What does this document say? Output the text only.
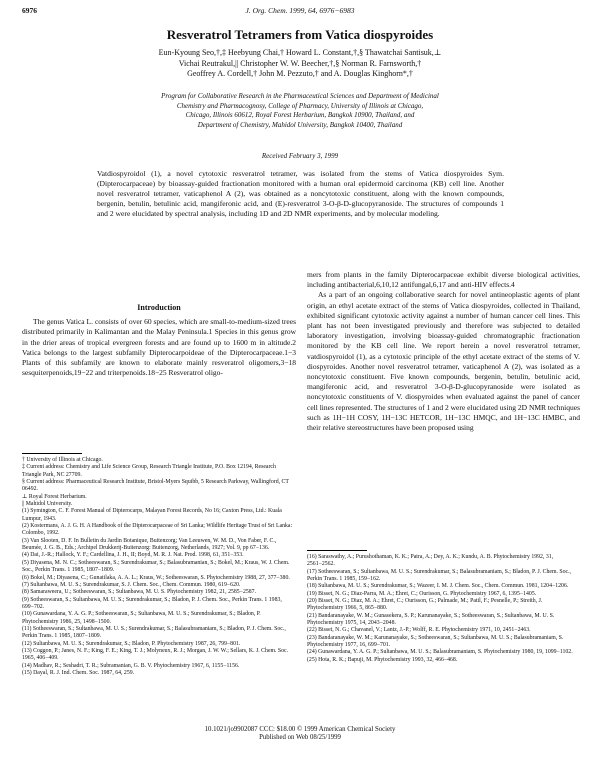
6976	J. Org. Chem. 1999, 64, 6976−6983
Resveratrol Tetramers from Vatica diospyroides
Eun-Kyoung Seo,†,‡ Heebyung Chai,† Howard L. Constant,†,§ Thawatchai Santisuk,⊥
Vichai Reutrakul,|| Christopher W. W. Beecher,†,§ Norman R. Farnsworth,†
Geoffrey A. Cordell,† John M. Pezzuto,† and A. Douglas Kinghorn*,†
Program for Collaborative Research in the Pharmaceutical Sciences and Department of Medicinal
Chemistry and Pharmacognosy, College of Pharmacy, University of Illinois at Chicago,
Chicago, Illinois 60612, Royal Forest Herbarium, Bangkok 10900, Thailand, and
Department of Chemistry, Mahidol University, Bangkok 10400, Thailand
Received February 3, 1999
Vatdiospyroidol (1), a novel cytotoxic resveratrol tetramer, was isolated from the stems of Vatica diospyroides Sym. (Dipterocarpaceae) by bioassay-guided fractionation monitored with a human oral epidermoid carcinoma (KB) cell line. Another novel resveratrol tetramer, vaticaphenol A (2), was obtained as a noncytotoxic constituent, along with the known compounds, bergenin, betulin, betulinic acid, mangiferonic acid, and (E)-resveratrol 3-O-β-D-glucopyranoside. The structures of compounds 1 and 2 were elucidated by spectral analysis, including 1D and 2D NMR experiments, and by molecular modeling.

Introduction

The genus Vatica L. consists of over 60 species, which are small-to-medium-sized trees distributed primarily in Kalimantan and the Malay Peninsula.1 Species in this genus grow in the drier areas of tropical evergreen forests and are found up to 1600 m in altitude.2 Vatica belongs to the largest subfamily Dipterocarpoideae of the Dipterocarpaceae.1−3 Plants of this subfamily are known to elaborate mainly resveratrol oligomers,3−18 sesquiterpenoids,19−22 and triterpenoids.18−25 Resveratrol oligo-

mers from plants in the family Dipterocarpaceae exhibit diverse biological activities, including antibacterial,6,10,12 antifungal,6,17 and anti-HIV effects.4

As a part of an ongoing collaborative search for novel antineoplastic agents of plant origin, an ethyl acetate extract of the stems of Vatica diospyroides, collected in Thailand, exhibited significant cytotoxic activity against a number of human cancer cell lines. This plant has not been investigated previously and therefore was subjected to detailed laboratory investigation, involving bioassay-guided chromatographic fractionation monitored by the KB cell line. We report herein a novel resveratrol tetramer, vatdiospyroidol (1), as a cytotoxic principle of the ethyl acetate extract of the stems of V. diospyroides. Another novel resveratrol tetramer, vaticaphenol A (2), was isolated as a noncytotoxic constituent. Five known compounds, bergenin, betulin, betulinic acid, mangiferonic acid, and resveratrol 3-O-β-D-glucopyranoside were isolated as noncytotoxic constituents of V. diospyroides when evaluated against the panel of cancer cell lines represented. The structures of 1 and 2 were elucidated using 2D NMR techniques such as 1H−1H COSY, 1H−13C HETCOR, 1H−13C HMQC, and 1H−13C HMBC, and their relative stereostructures have been proposed using

† University of Illinois at Chicago.
‡ Current address: Chemistry and Life Science Group, Research Triangle Institute, P.O. Box 12194, Research Triangle Park, NC 27709.
§ Current address: Pharmaceutical Research Institute, Bristol-Myers Squibb, 5 Research Parkway, Wallingford, CT 06492.
⊥ Royal Forest Herbarium.
|| Mahidol University.
(1) Symington, C. F. Forest Manual of Dipterocarps, Malayan Forest Records, No 16; Caxton Press, Ltd.: Kuala Lumpur, 1943.
(2) Kostermans, A. J. G. H. A Handbook of the Dipterocarpaceae of Sri Lanka; Wildlife Heritage Trust of Sri Lanka: Colombo, 1992.
(3) Van Slooten, D. F. In Bulletin du Jardin Botanique, Buitenzorg; Van Leeuwen, W. M. D., Von Faber, F. C., Beumée, J. G. B., Eds.; Archipel Drukkerij-Buitenzorg: Buitenzorg, Netherlands, 1927; Vol. 9, pp 67−136.
(4) Dai, J.-R.; Hallock, Y. F.; Cardellina, J. H., II; Boyd, M. R. J. Nat. Prod. 1998, 61, 351−353.
(5) Diyasena, M. N. C.; Sotheeswaran, S.; Surendrakumar, S.; Balasubramanian, S.; Bokel, M.; Kraus, W. J. Chem. Soc., Perkin Trans. 1 1985, 1807−1809.
(6) Bokel, M.; Diyasena, C.; Gunatilaka, A. A. L.; Kraus, W.; Sotheeswaran, S. Phytochemistry 1988, 27, 377−380.
(7) Sultanbawa, M. U. S.; Surendrakumar, S. J. Chem. Soc., Chem. Commun. 1980, 619−620.
(8) Samaraweera, U.; Sotheeswaran, S.; Sultanbawa, M. U. S. Phytochemistry 1982, 21, 2585−2587.
(9) Sotheeswaran, S.; Sultanbawa, M. U. S.; Surendrakumar, S.; Bladon, P. J. Chem. Soc., Perkin Trans. 1 1983, 699−702.
(10) Gunawardana, Y. A. G. P.; Sotheeswaran, S.; Sultanbawa, M. U. S.; Surendrakumar, S.; Bladon, P. Phytochemistry 1986, 25, 1498−1500.
(11) Sotheeswaran, S.; Sultanbawa, M. U. S.; Surendrakumar, S.; Balasubramaniam, S.; Bladon, P. J. Chem. Soc., Perkin Trans. 1 1985, 1807−1809.
(12) Sultanbawa, M. U. S.; Surendrakumar, S.; Bladon, P. Phytochemistry 1987, 26, 799−801.
(13) Coggon, P.; Janes, N. F.; King, F. E.; King, T. J.; Molyneux, R. J.; Morgan, J. W. W.; Sellars, K. J. Chem. Soc. 1965, 406−409.
(14) Madhav, R.; Seshadri, T. R.; Subramanian, G. B. V. Phytochemistry 1967, 6, 1155−1156.
(15) Dayal, R. J. Ind. Chem. Soc. 1987, 64, 259.
(16) Saraswathy, A.; Purushothaman, K. K.; Patra, A.; Dey, A. K.; Kundu, A. B. Phytochemistry 1992, 31, 2561−2562.
(17) Sotheeswaran, S.; Sultanbawa, M. U. S.; Surendrakumar, S.; Balasubramaniam, S.; Bladon, P. J. Chem. Soc., Perkin Trans. 1 1985, 159−162.
(18) Sultanbawa, M. U. S.; Surendrakumar, S.; Wazeer, I. M. J. Chem. Soc., Chem. Commun. 1981, 1204−1206.
(19) Bisset, N. G.; Diaz-Parra, M. A.; Ehret, C.; Ourisson, G. Phytochemistry 1967, 6, 1395−1405.
(20) Bisset, N. G.; Diaz, M. A.; Ehret, C.; Ourisson, G.; Palmade, M.; Patil, F.; Pesnelle, P.; Streith, J. Phytochemistry 1966, 5, 865−880.
(21) Bandaranayake, W. M.; Gunasekera, S. P.; Karunanayake, S.; Sotheeswaran, S.; Sultanbawa, M. U. S. Phytochemistry 1975, 14, 2043−2048.
(22) Bisset, N. G.; Chavanel, V.; Lantz, J.-P.; Wolff, R. E. Phytochemistry 1971, 10, 2451−2463.
(23) Bandaranayake, W. M.; Karunanayake, S.; Sotheeswaran, S.; Sultanbawa, M. U. S.; Balasubramaniam, S. Phytochemistry 1977, 16, 699−701.
(24) Gunawardana, Y. A. G. P.; Sultanbawa, M. U. S.; Balasubramaniam, S. Phytochemistry 1980, 19, 1099−1102.
(25) Hota, R. K.; Bapuji, M. Phytochemistry 1993, 32, 466−468.
10.1021/jo9902087 CCC: $18.00 © 1999 American Chemical Society
Published on Web 08/25/1999
